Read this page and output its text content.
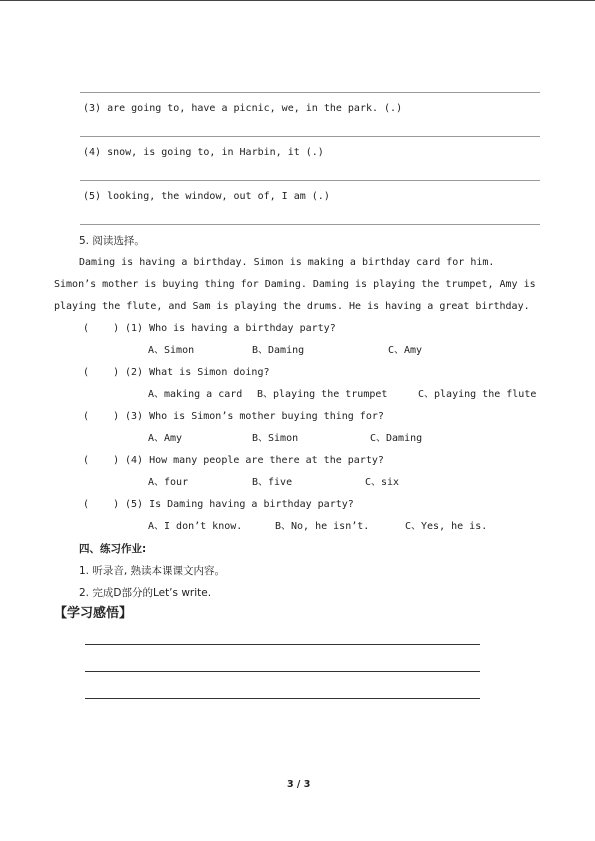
(3) are going to, have a picnic, we, in the park. (.)
(4) snow, is going to, in Harbin, it (.)
(5) looking, the window, out of, I am (.)
5. 阅读选择。
Daming is having a birthday. Simon is making a birthday card for him.
Simon’s mother is buying thing for Daming. Daming is playing the trumpet, Amy is
playing the flute, and Sam is playing the drums. He is having a great birthday.
(    ) (1) Who is having a birthday party?
A、Simon	B、Daming	C、Amy
(    ) (2) What is Simon doing?
A、making a card B、playing the trumpet	C、playing the flute
(    ) (3) Who is Simon’s mother buying thing for?
A、Amy	B、Simon	C、Daming
(    ) (4) How many people are there at the party?
A、four	B、five	C、six
(    ) (5) Is Daming having a birthday party?
A、I don’t know.	B、No, he isn’t.	C、Yes, he is.
四、练习作业:
1. 听录音, 熟读本课课文内容。
2. 完成D部分的Let’s write.
【学习感悟】
3 / 3
